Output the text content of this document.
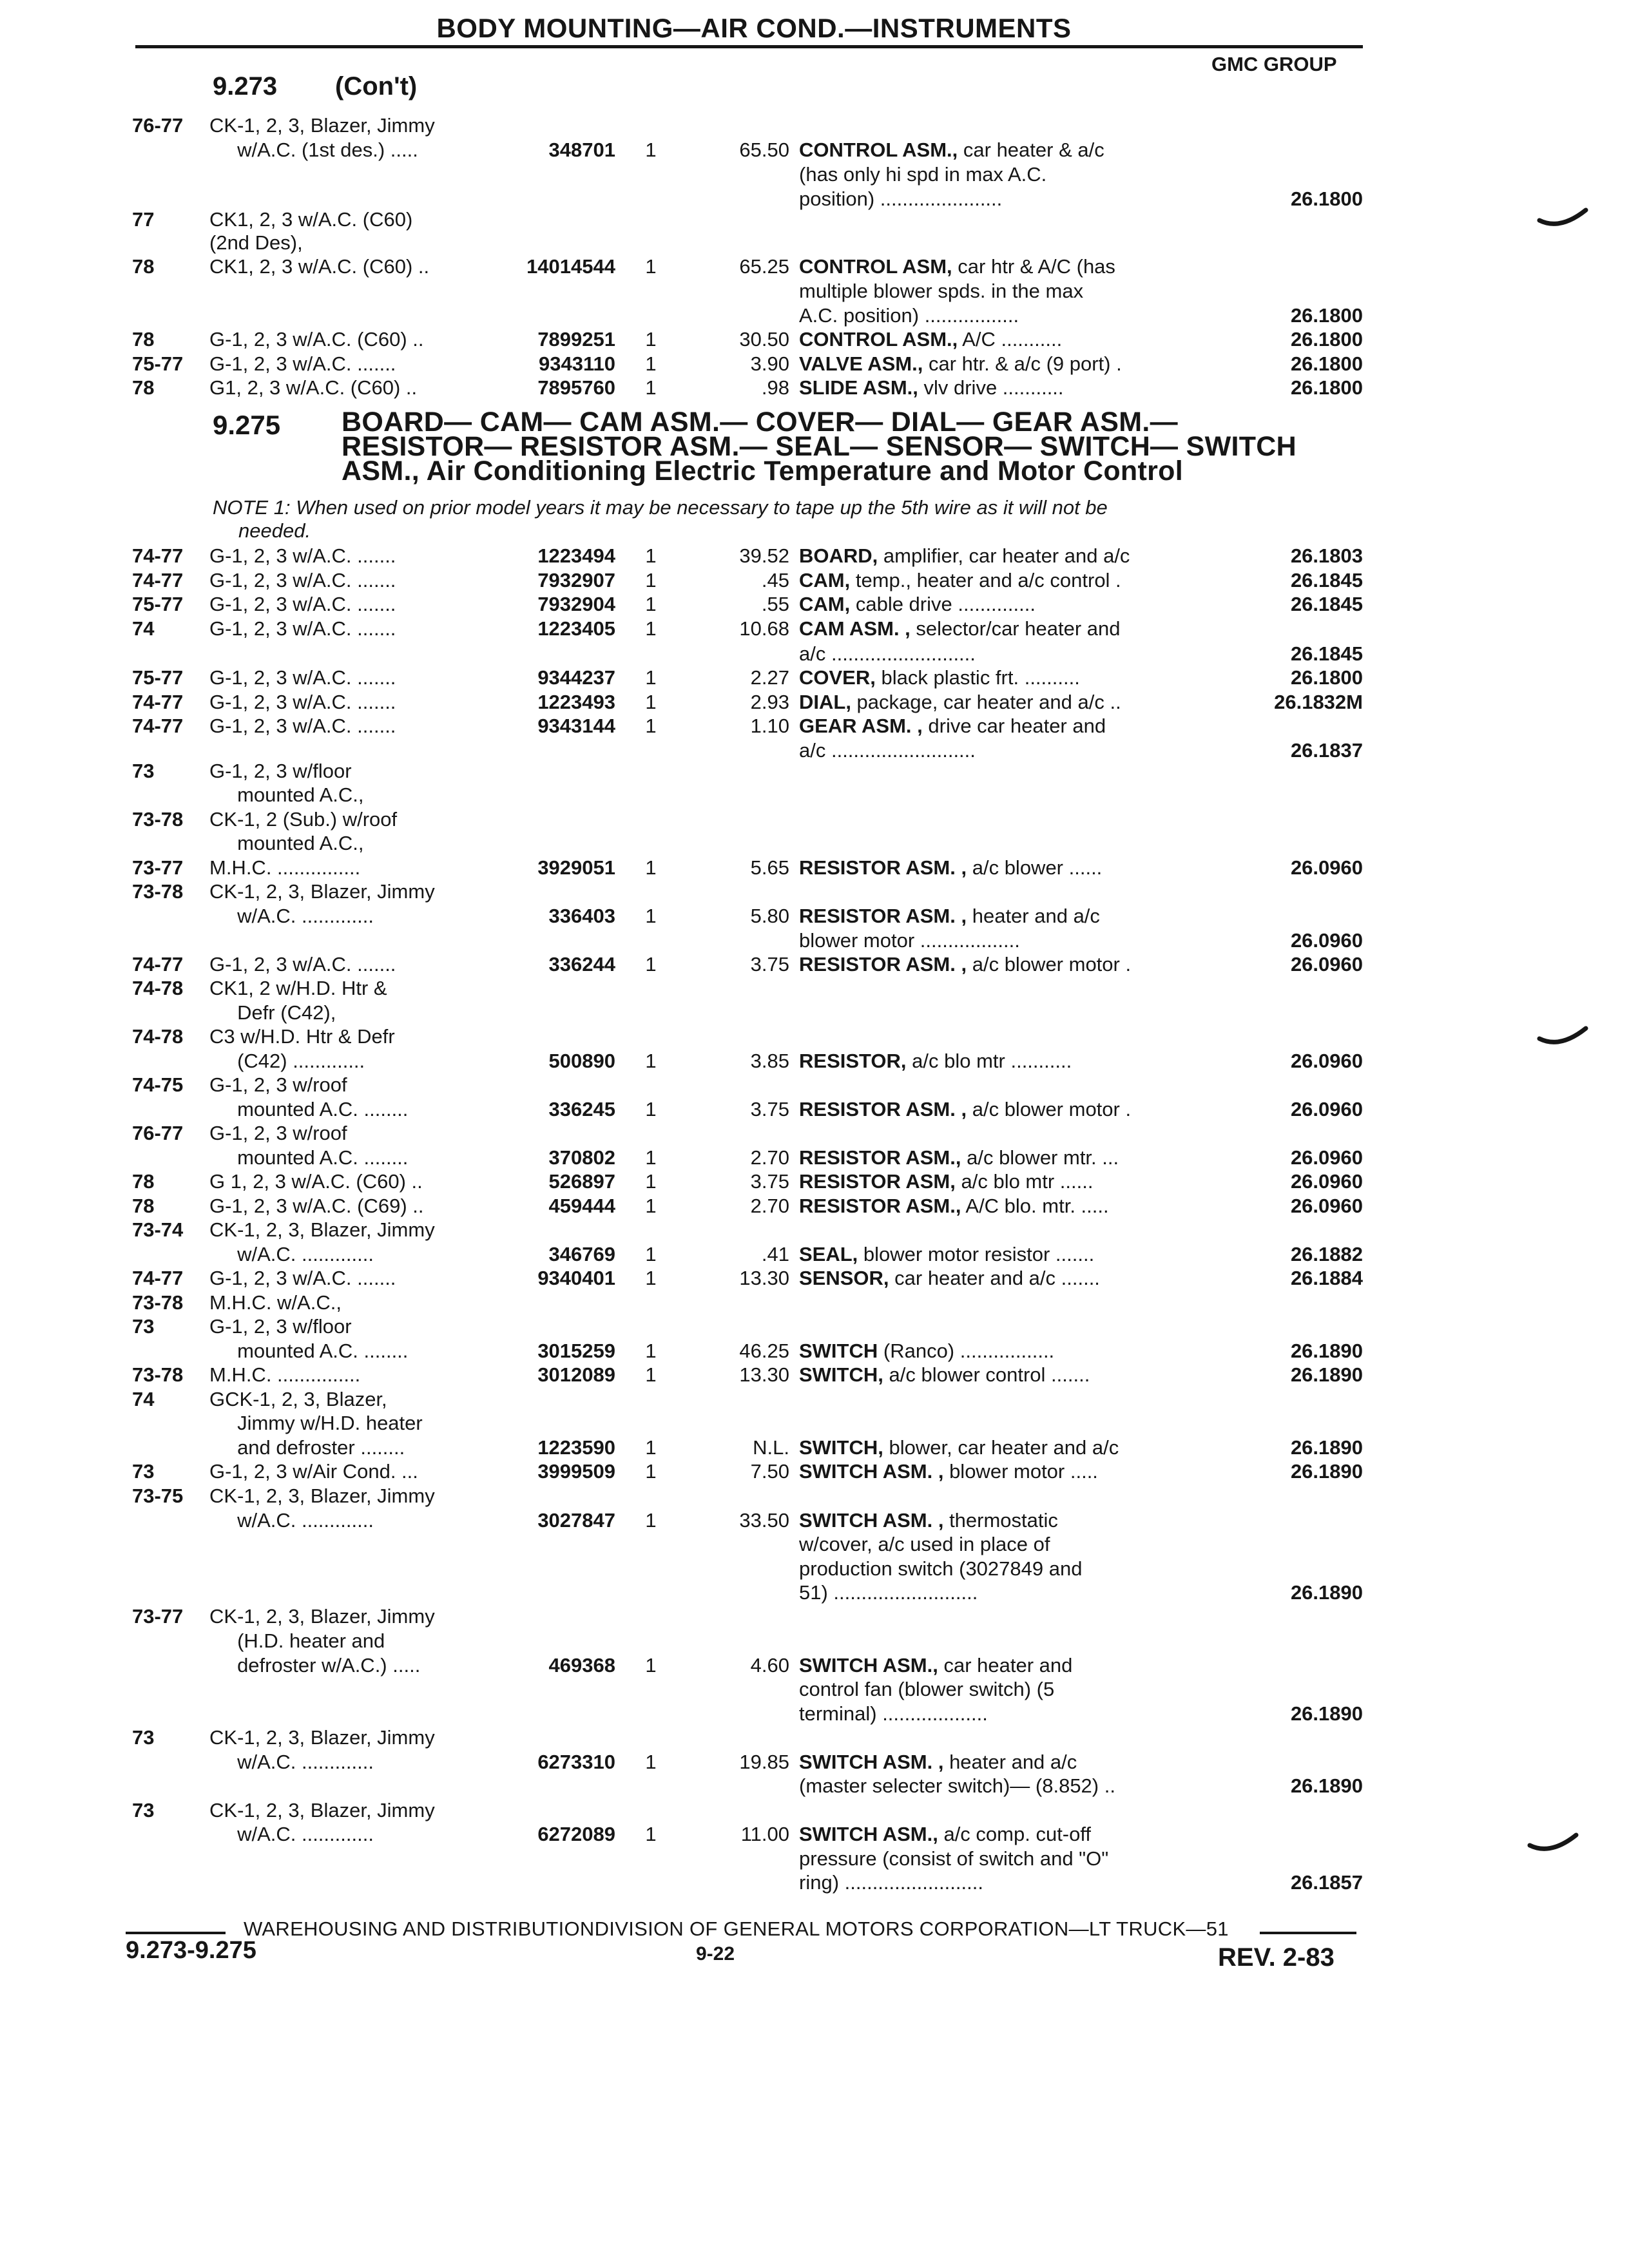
BODY MOUNTING—AIR COND.—INSTRUMENTS
GMC GROUP
9.273 (Con't)
9.275 BOARD— CAM— CAM ASM.— COVER— DIAL— GEAR ASM.—
RESISTOR— RESISTOR ASM.— SEAL— SENSOR— SWITCH— SWITCH
ASM., Air Conditioning Electric Temperature and Motor Control
NOTE 1: When used on prior model years it may be necessary to tape up the 5th wire as it will not be
needed.
76-77 CK-1, 2, 3, Blazer, Jimmy
w/A.C. (1st des.) .....	348701 1	65.50 CONTROL ASM., car heater & a/c
(has only hi spd in max A.C.
position) ......................	26.1800
77	CK1, 2, 3 w/A.C. (C60)
(2nd Des),
78	CK1, 2, 3 w/A.C. (C60) ..	14014544 1	65.25 CONTROL ASM, car htr & A/C (has
multiple blower spds. in the max
A.C. position) .................	26.1800
78	G-1, 2, 3 w/A.C. (C60) ..	7899251 1	30.50 CONTROL ASM., A/C ...........	26.1800
75-77 G-1, 2, 3 w/A.C. .......	9343110 1	3.90 VALVE ASM., car htr. & a/c (9 port) .	26.1800
78	G1, 2, 3 w/A.C. (C60) ..	7895760 1	.98 SLIDE ASM., vlv drive ...........	26.1800
74-77 G-1, 2, 3 w/A.C. .......	1223494 1	39.52 BOARD, amplifier, car heater and a/c	26.1803
74-77 G-1, 2, 3 w/A.C. .......	7932907 1	.45 CAM, temp., heater and a/c control .	26.1845
75-77 G-1, 2, 3 w/A.C. .......	7932904 1	.55 CAM, cable drive ..............	26.1845
74	G-1, 2, 3 w/A.C. .......	1223405 1	10.68 CAM ASM. , selector/car heater and
a/c ..........................	26.1845
75-77 G-1, 2, 3 w/A.C. .......	9344237 1	2.27 COVER, black plastic frt. ..........	26.1800
74-77 G-1, 2, 3 w/A.C. .......	1223493 1	2.93 DIAL, package, car heater and a/c ..	26.1832M
74-77 G-1, 2, 3 w/A.C. .......	9343144 1	1.10 GEAR ASM. , drive car heater and
a/c ..........................	26.1837
73	G-1, 2, 3 w/floor
mounted A.C.,
73-78 CK-1, 2 (Sub.) w/roof
mounted A.C.,
73-77 M.H.C. ...............	3929051 1	5.65 RESISTOR ASM. , a/c blower ......	26.0960
73-78 CK-1, 2, 3, Blazer, Jimmy
w/A.C. .............	336403 1	5.80 RESISTOR ASM. , heater and a/c
blower motor ..................	26.0960
74-77 G-1, 2, 3 w/A.C. .......	336244 1	3.75 RESISTOR ASM. , a/c blower motor .	26.0960
74-78 CK1, 2 w/H.D. Htr &
Defr (C42),
74-78 C3 w/H.D. Htr & Defr
(C42) .............	500890 1	3.85 RESISTOR, a/c blo mtr ...........	26.0960
74-75 G-1, 2, 3 w/roof
mounted A.C. ........	336245 1	3.75 RESISTOR ASM. , a/c blower motor .	26.0960
76-77 G-1, 2, 3 w/roof
mounted A.C. ........	370802 1	2.70 RESISTOR ASM., a/c blower mtr. ...	26.0960
78	G 1, 2, 3 w/A.C. (C60) ..	526897 1	3.75 RESISTOR ASM, a/c blo mtr ......	26.0960
78	G-1, 2, 3 w/A.C. (C69) ..	459444 1	2.70 RESISTOR ASM., A/C blo. mtr. .....	26.0960
73-74 CK-1, 2, 3, Blazer, Jimmy
w/A.C. .............	346769 1	.41 SEAL, blower motor resistor .......	26.1882
74-77 G-1, 2, 3 w/A.C. .......	9340401 1	13.30 SENSOR, car heater and a/c .......	26.1884
73-78 M.H.C. w/A.C.,
73	G-1, 2, 3 w/floor
mounted A.C. ........	3015259 1	46.25 SWITCH (Ranco) .................	26.1890
73-78 M.H.C. ...............	3012089 1	13.30 SWITCH, a/c blower control .......	26.1890
74	GCK-1, 2, 3, Blazer,
Jimmy w/H.D. heater
and defroster ........	1223590 1	N.L. SWITCH, blower, car heater and a/c	26.1890
73	G-1, 2, 3 w/Air Cond. ...	3999509 1	7.50 SWITCH ASM. , blower motor .....	26.1890
73-75 CK-1, 2, 3, Blazer, Jimmy
w/A.C. .............	3027847 1	33.50 SWITCH ASM. , thermostatic
w/cover, a/c used in place of
production switch (3027849 and
51) ..........................	26.1890
73-77 CK-1, 2, 3, Blazer, Jimmy
(H.D. heater and
defroster w/A.C.) .....	469368 1	4.60 SWITCH ASM., car heater and
control fan (blower switch) (5
terminal) ...................	26.1890
73	CK-1, 2, 3, Blazer, Jimmy
w/A.C. .............	6273310 1	19.85 SWITCH ASM. , heater and a/c
(master selecter switch)— (8.852) ..	26.1890
73	CK-1, 2, 3, Blazer, Jimmy
w/A.C. .............	6272089 1	11.00 SWITCH ASM., a/c comp. cut-off
pressure (consist of switch and "O"
ring) .........................	26.1857
WAREHOUSING AND DISTRIBUTIONDIVISION OF GENERAL MOTORS CORPORATION—LT TRUCK—51
9.273-9.275	9-22	REV. 2-83
